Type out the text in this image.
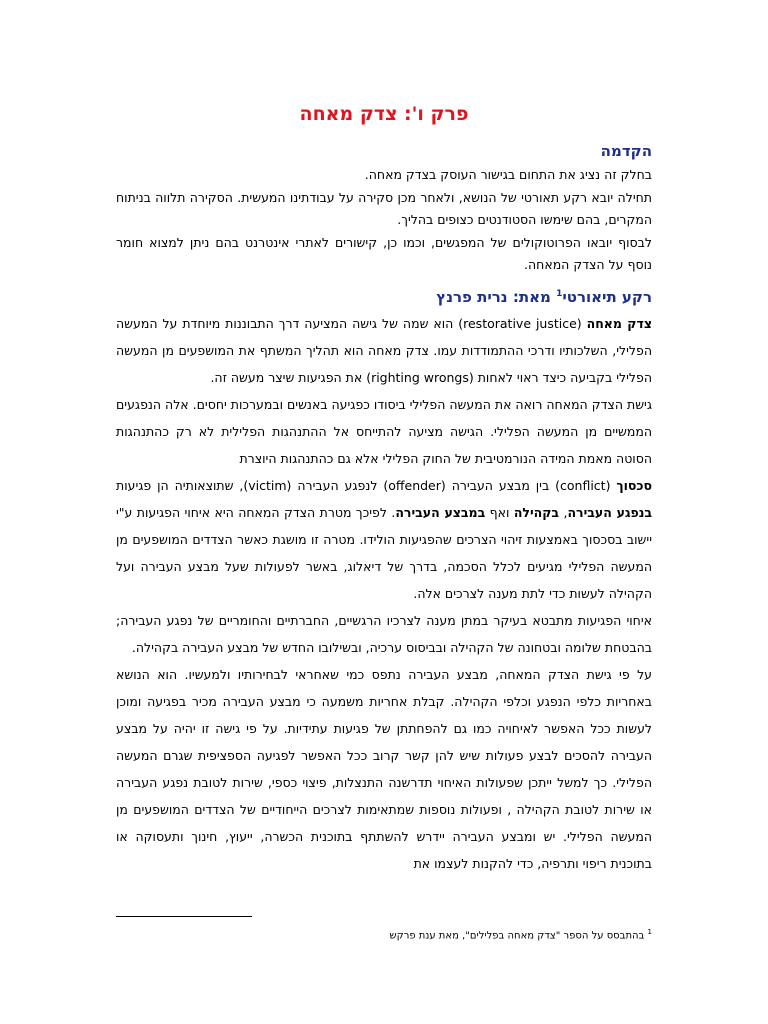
פרק ו': צדק מאחה
הקדמה

בחלק זה נציג את התחום בגישור העוסק בצדק מאחה.

תחילה יובא רקע תאורטי של הנושא, ולאחר מכן סקירה על עבודתינו המעשית. הסקירה תלווה בניתוח המקרים, בהם שימשו הסטודנטים כצופים בהליך.

לבסוף יובאו הפרוטוקולים של המפגשים, וכמו כן, קישורים לאתרי אינטרנט בהם ניתן למצוא חומר נוסף על הצדק המאחה.

רקע תיאורטי$^1$ מאת: נרית פרנץ

צדק מאחה (restorative justice) הוא שמה של גישה המציעה דרך התבוננות מיוחדת על המעשה הפלילי, השלכותיו ודרכי ההתמודדות עמו. צדק מאחה הוא תהליך המשתף את המושפעים מן המעשה הפלילי בקביעה כיצד ראוי לאחות (righting wrongs) את הפגיעות שיצר מעשה זה.

גישת הצדק המאחה רואה את המעשה הפלילי ביסודו כפגיעה באנשים ובמערכות יחסים. אלה הנפגעים הממשיים מן המעשה הפלילי. הגישה מציעה להתייחס אל ההתנהגות הפלילית לא רק כהתנהגות הסוטה מאמת המידה הנורמטיבית של החוק הפלילי אלא גם כהתנהגות היוצרת

סכסוך (conflict) בין מבצע העבירה (offender) לנפגע העבירה (victim), שתוצאותיה הן פגיעות בנפגע העבירה, בקהילה ואף במבצע העבירה. לפיכך מטרת הצדק המאחה היא איחוי הפגיעות ע"י יישוב בסכסוך באמצעות זיהוי הצרכים שהפגיעות הולידו. מטרה זו מושגת כאשר הצדדים המושפעים מן המעשה הפלילי מגיעים לכלל הסכמה, בדרך של דיאלוג, באשר לפעולות שעל מבצע העבירה ועל הקהילה לעשות כדי לתת מענה לצרכים אלה.

איחוי הפגיעות מתבטא בעיקר במתן מענה לצרכיו הרגשיים, החברתיים והחומריים של נפגע העבירה; בהבטחת שלומה ובטחונה של הקהילה ובביסוס ערכיה, ובשילובו החדש של מבצע העבירה בקהילה.

על פי גישת הצדק המאחה, מבצע העבירה נתפס כמי שאחראי לבחירותיו ולמעשיו. הוא הנושא באחריות כלפי הנפגע וכלפי הקהילה. קבלת אחריות משמעה כי מבצע העבירה מכיר בפגיעה ומוכן לעשות ככל האפשר לאיחויה כמו גם להפחתתן של פגיעות עתידיות. על פי גישה זו יהיה על מבצע העבירה להסכים לבצע פעולות שיש להן קשר קרוב ככל האפשר לפגיעה הספציפית שגרם המעשה הפלילי. כך למשל ייתכן שפעולות האיחוי תדרשנה התנצלות, פיצוי כספי, שירות לטובת נפגע העבירה או שירות לטובת הקהילה , ופעולות נוספות שמתאימות לצרכים הייחודיים של הצדדים המושפעים מן המעשה הפלילי. יש ומבצע העבירה יידרש להשתתף בתוכנית הכשרה, ייעוץ, חינוך ותעסוקה או בתוכנית ריפוי ותרפיה, כדי להקנות לעצמו את

$^1$ בהתבסס על הספר "צדק מאחה בפלילים", מאת ענת פרקש
